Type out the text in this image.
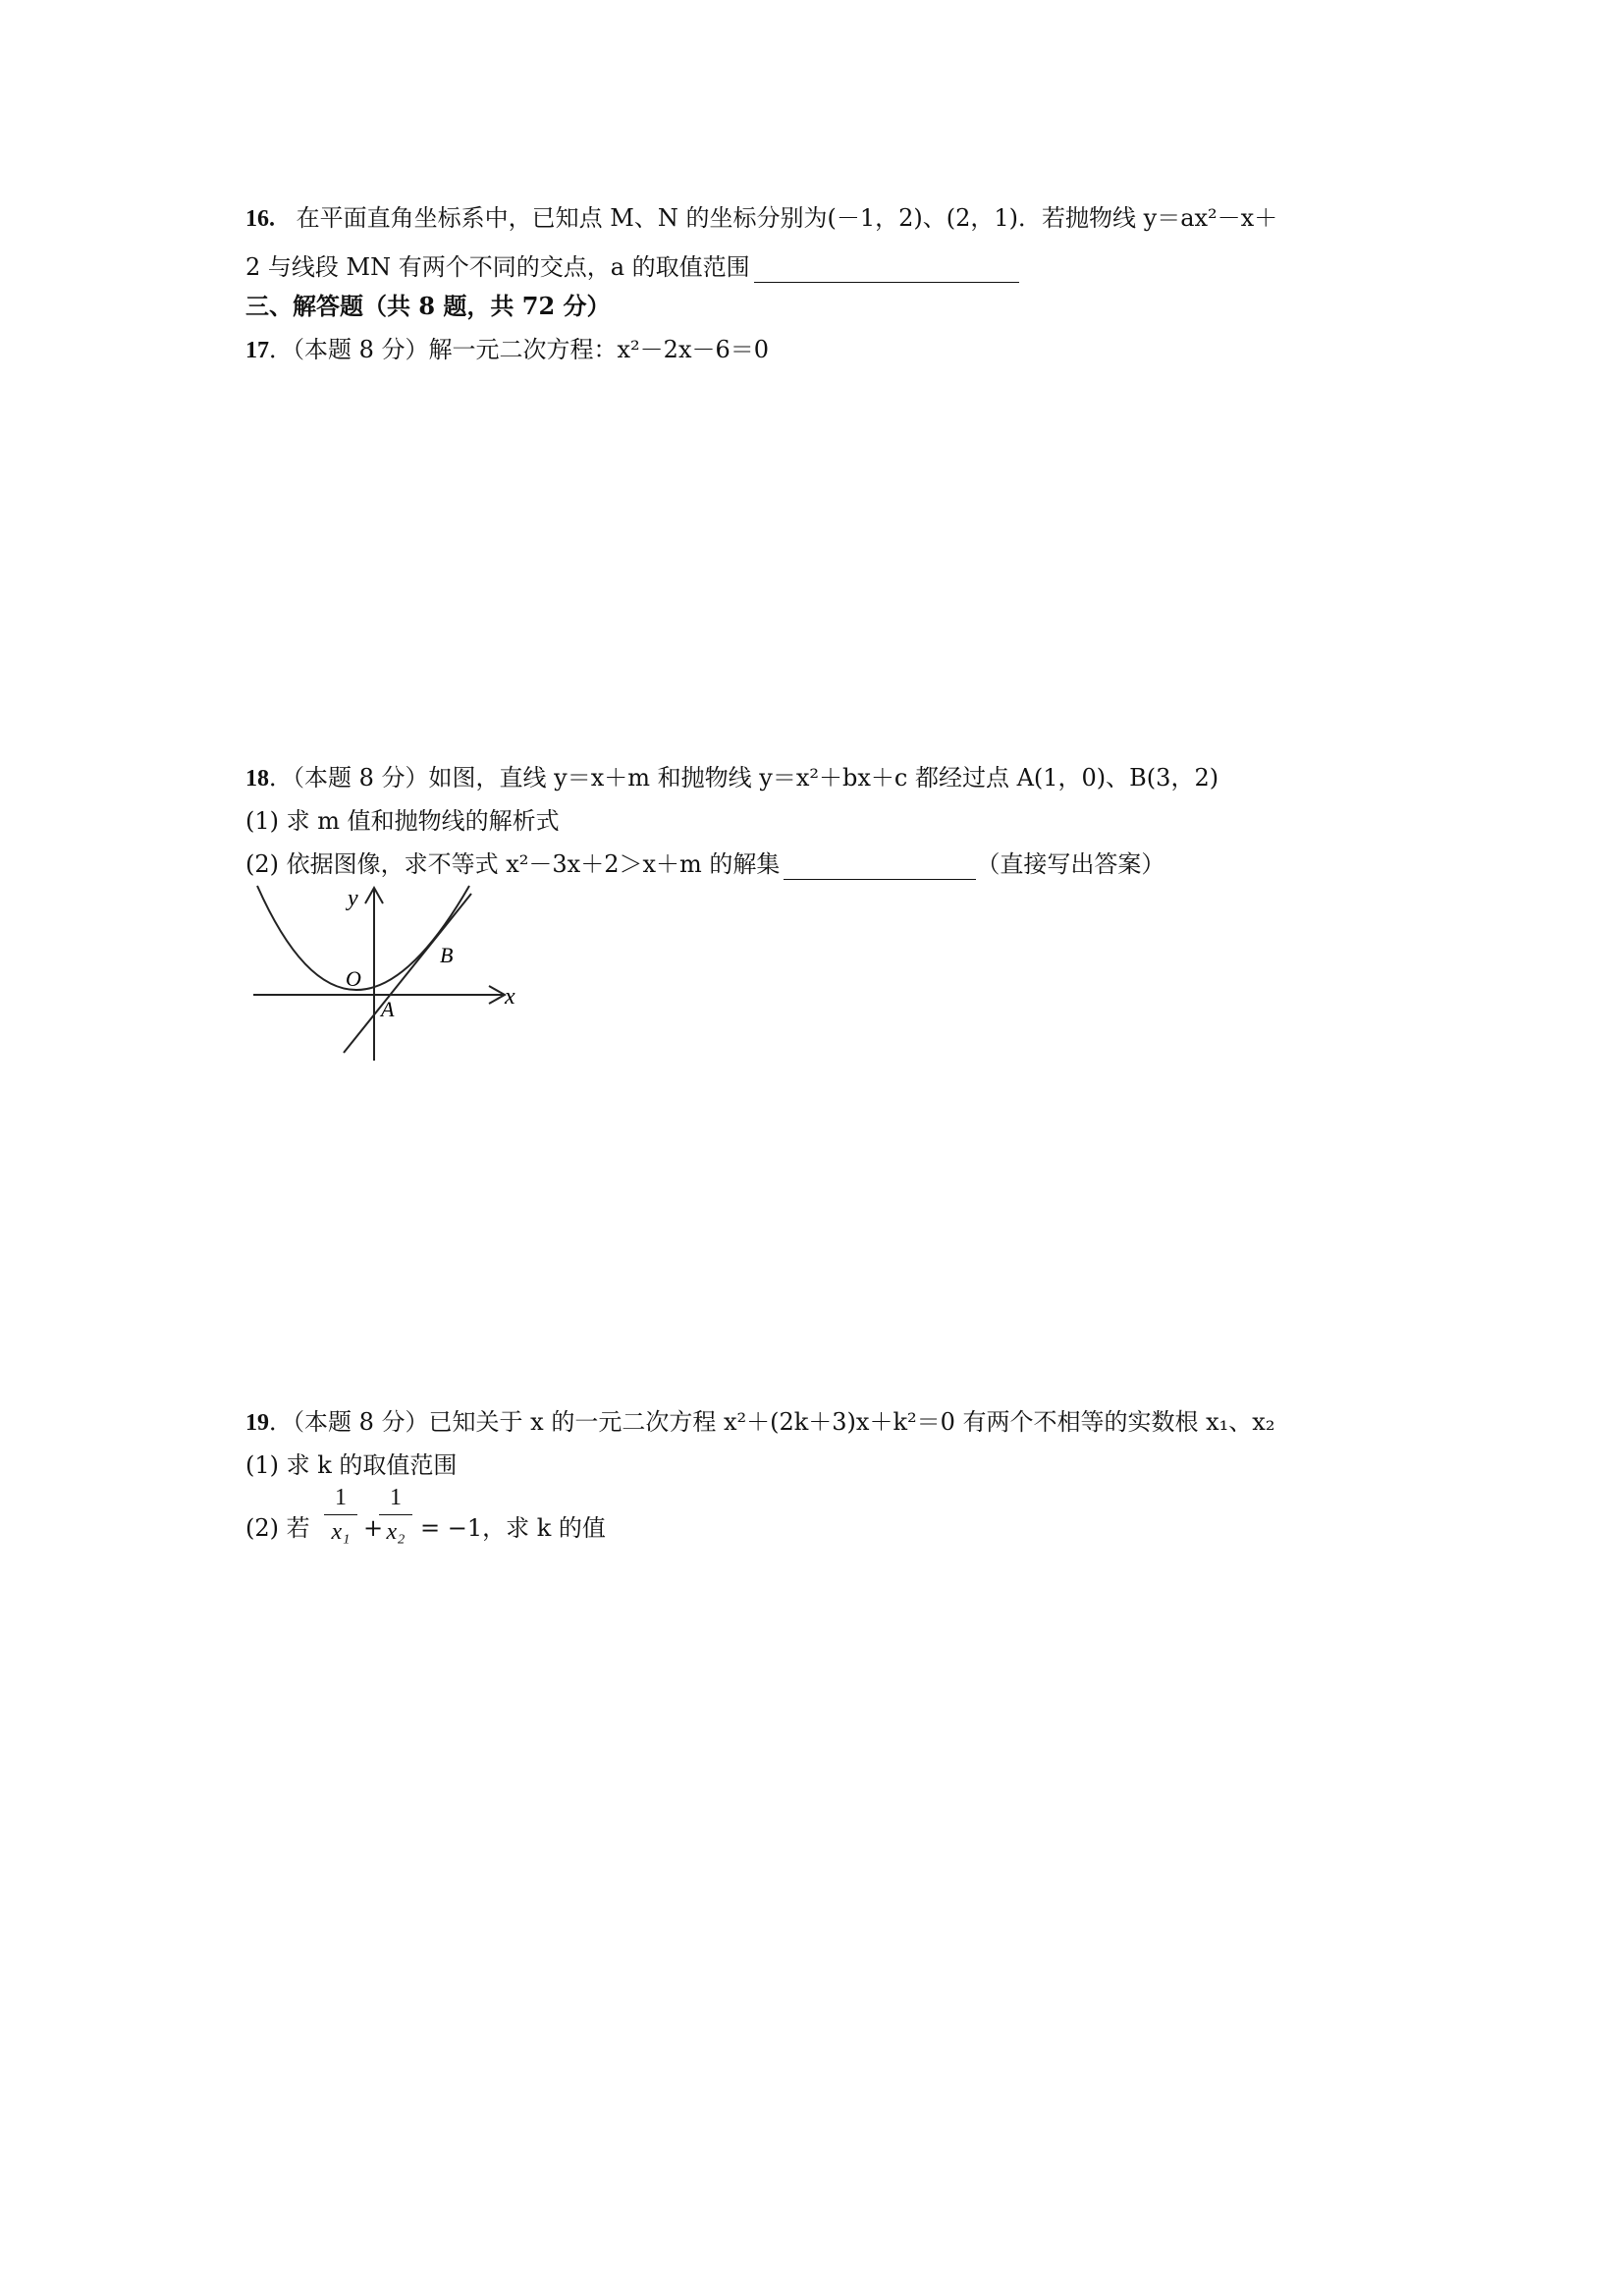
16. 在平面直角坐标系中，已知点 M、N 的坐标分别为(－1，2)、(2，1)．若抛物线 y＝ax²－x＋
2 与线段 MN 有两个不同的交点，a 的取值范围
三、解答题（共 8 题，共 72 分）
17．（本题 8 分）解一元二次方程：x²－2x－6＝0
18．（本题 8 分）如图，直线 y＝x＋m 和抛物线 y＝x²＋bx＋c 都经过点 A(1，0)、B(3，2)
(1) 求 m 值和抛物线的解析式
(2) 依据图像，求不等式 x²－3x＋2＞x＋m 的解集	（直接写出答案）
y
x
O
A
B
19．（本题 8 分）已知关于 x 的一元二次方程 x²＋(2k＋3)x＋k²＝0 有两个不相等的实数根 x₁、x₂
(1) 求 k 的取值范围
(2) 若
1
x₁ +
1
x₂ = −1，求 k 的值
